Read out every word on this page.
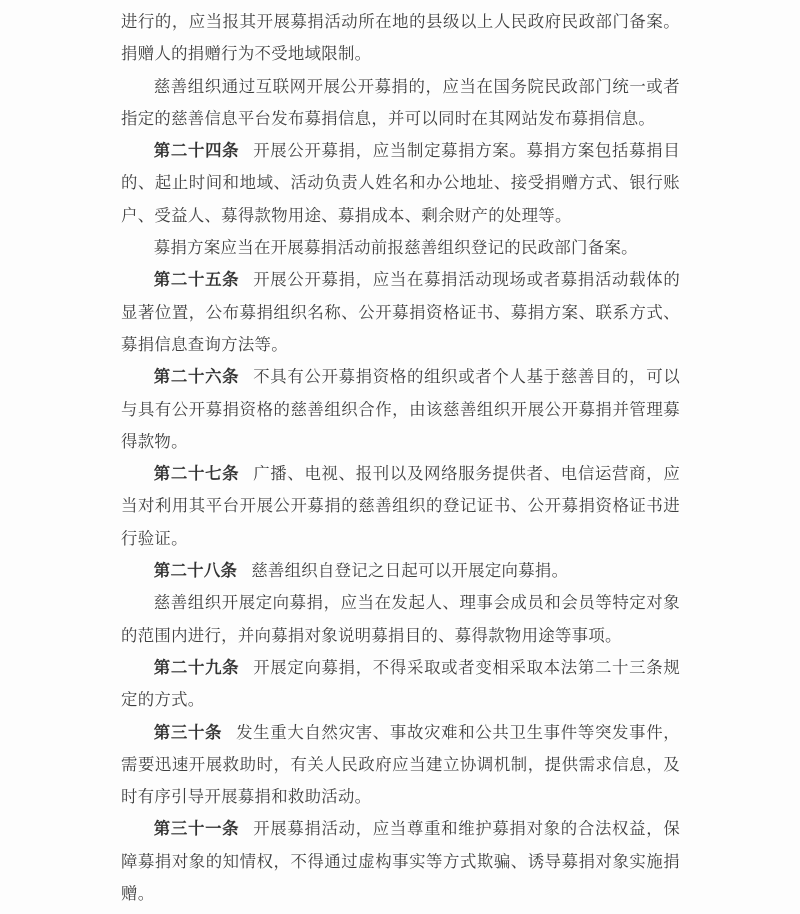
进行的，应当报其开展募捐活动所在地的县级以上人民政府民政部门备案。捐赠人的捐赠行为不受地域限制。

慈善组织通过互联网开展公开募捐的，应当在国务院民政部门统一或者指定的慈善信息平台发布募捐信息，并可以同时在其网站发布募捐信息。

第二十四条 开展公开募捐，应当制定募捐方案。募捐方案包括募捐目的、起止时间和地域、活动负责人姓名和办公地址、接受捐赠方式、银行账户、受益人、募得款物用途、募捐成本、剩余财产的处理等。

募捐方案应当在开展募捐活动前报慈善组织登记的民政部门备案。

第二十五条 开展公开募捐，应当在募捐活动现场或者募捐活动载体的显著位置，公布募捐组织名称、公开募捐资格证书、募捐方案、联系方式、募捐信息查询方法等。

第二十六条 不具有公开募捐资格的组织或者个人基于慈善目的，可以与具有公开募捐资格的慈善组织合作，由该慈善组织开展公开募捐并管理募得款物。

第二十七条 广播、电视、报刊以及网络服务提供者、电信运营商，应当对利用其平台开展公开募捐的慈善组织的登记证书、公开募捐资格证书进行验证。

第二十八条 慈善组织自登记之日起可以开展定向募捐。

慈善组织开展定向募捐，应当在发起人、理事会成员和会员等特定对象的范围内进行，并向募捐对象说明募捐目的、募得款物用途等事项。

第二十九条 开展定向募捐，不得采取或者变相采取本法第二十三条规定的方式。

第三十条 发生重大自然灾害、事故灾难和公共卫生事件等突发事件，需要迅速开展救助时，有关人民政府应当建立协调机制，提供需求信息，及时有序引导开展募捐和救助活动。

第三十一条 开展募捐活动，应当尊重和维护募捐对象的合法权益，保障募捐对象的知情权，不得通过虚构事实等方式欺骗、诱导募捐对象实施捐赠。
